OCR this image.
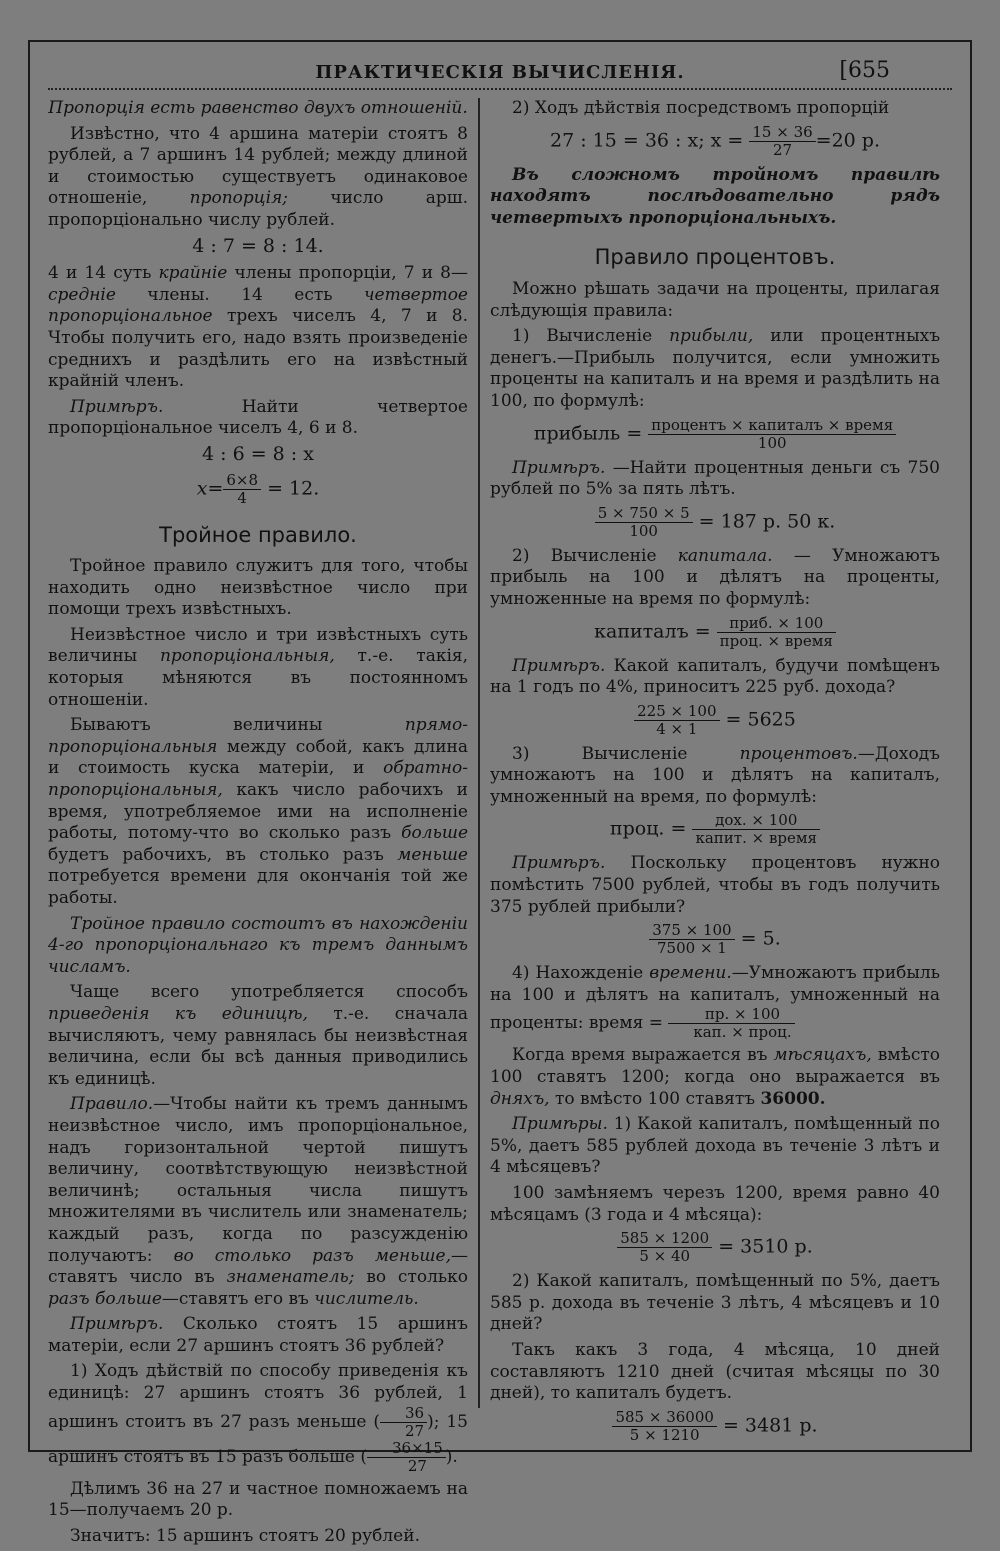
ПРАКТИЧЕСКІЯ ВЫЧИСЛЕНІЯ.	[655

Пропорція есть равенство двухъ отношеній.

Извѣстно, что 4 аршина матеріи стоятъ 8 рублей, а 7 аршинъ 14 рублей; между длиной и стоимостью существуетъ одинаковое отношеніе, пропорція; число арш. пропорціонально числу рублей.

4 : 7 = 8 : 14.

4 и 14 суть крайніе члены пропорціи, 7 и 8— средніе члены. 14 есть четвертое пропорціональное трехъ чиселъ 4, 7 и 8. Чтобы получить его, надо взять произведеніе среднихъ и раздѣлить его на извѣстный крайній членъ.

Примѣръ.	Найти четвертое пропорціональное чиселъ 4, 6 и 8.

4 : 6 = 8 : x

$x= \frac{6\times 8}{4} = 12$.

Тройное правило.

Тройное правило служитъ для того, чтобы находить одно неизвѣстное число при помощи трехъ извѣстныхъ.

Неизвѣстное число и три извѣстныхъ суть величины пропорціональныя, т.-е. такія, которыя мѣняются въ постоянномъ отношеніи.

Бываютъ величины	прямо-пропорціональныя между собой, какъ длина и стоимость куска матеріи, и обратно-пропорціональныя, какъ число рабочихъ и время, употребляемое ими на исполненіе работы, потому-что во сколько разъ больше будетъ рабочихъ, въ столько разъ меньше потребуется времени для окончанія той же работы.

Тройное правило состоитъ въ нахожденіи 4-го пропорціональнаго къ тремъ даннымъ числамъ.

Чаще всего употребляется способъ приведенія къ единицѣ, т.-е. сначала вычисляютъ, чему равнялась бы неизвѣстная величина, если бы всѣ данныя приводились къ единицѣ.

Правило.—Чтобы найти къ тремъ даннымъ неизвѣстное число, имъ пропорціональное, надъ горизонтальной чертой пишутъ величину, соотвѣтствующую неизвѣстной величинѣ; остальныя числа пишутъ множителями въ числитель или знаменатель; каждый разъ, когда по разсужденію получаютъ: во столько разъ меньше,—ставятъ число въ знаменатель; во столько разъ больше—ставятъ его въ числитель.

Примѣръ. Сколько стоятъ 15 аршинъ матеріи, если 27 аршинъ стоятъ 36 рублей?

1) Ходъ дѣйствій по способу приведенія къ единицѣ: 27 аршинъ стоятъ 36 рублей, 1 аршинъ стоитъ въ 27 разъ меньше ( $\frac{36}{27}$ ); 15 аршинъ стоятъ въ 15 разъ больше ( $\frac{36\times 15}{27}$ ).

Дѣлимъ 36 на 27 и частное помножаемъ на 15—получаемъ 20 р.

Значитъ: 15 аршинъ стоятъ 20 рублей.

2) Ходъ дѣйствія посредствомъ пропорцій

27 : 15 = 36 : x; $x = \frac{15 \times 36}{27} =20$ р.

Въ сложномъ тройномъ правилѣ находятъ послѣдовательно рядъ четвертыхъ пропорціональныхъ.

Правило процентовъ.

Можно рѣшать задачи на проценты, прилагая слѣдующія правила:

1) Вычисленіе прибыли, или процентныхъ денегъ.—Прибыль получится, если умножить проценты на капиталъ и на время и раздѣлить на 100, по формулѣ:

прибыль = $\frac{\text{процентъ × капиталъ × время}}{100}$

Примѣръ. —Найти процентныя деньги съ 750 рублей по 5% за пять лѣтъ.

$\frac{5 \times 750 \times 5}{100} = 187$ р. 50 к.

2) Вычисленіе капитала. — Умножаютъ прибыль на 100 и дѣлятъ на проценты, умноженные на время по формулѣ:

капиталъ = $\frac{\text{приб. × 100}}{\text{проц. × время}}$

Примѣръ. Какой капиталъ, будучи помѣщенъ на 1 годъ по 4%, приноситъ 225 руб. дохода?

$\frac{225 \times 100}{4 \times 1} = 5625$

3) Вычисленіе	процентовъ.—Доходъ умножаютъ на 100 и дѣлятъ на капиталъ, умноженный на время, по формулѣ:

проц. = $\frac{\text{дох. × 100}}{\text{капит. × время}}$

Примѣръ. Поскольку процентовъ нужно помѣстить 7500 рублей, чтобы въ годъ получить 375 рублей прибыли?

$\frac{375 \times 100}{7500 \times 1} = 5$.

4) Нахожденіе времени.—Умножаютъ прибыль на 100 и дѣлятъ на капиталъ, умноженный на проценты: время = $\frac{пр. \times 100}{\text{кап. × проц.}}$

Когда время выражается въ мѣсяцахъ, вмѣсто 100 ставятъ 1200; когда оно выражается въ дняхъ, то вмѣсто 100 ставятъ 36000.

Примѣры. 1) Какой капиталъ, помѣщенный по 5%, даетъ 585 рублей дохода въ теченіе 3 лѣтъ и 4 мѣсяцевъ?

100 замѣняемъ черезъ 1200, время равно 40 мѣсяцамъ (3 года и 4 мѣсяца):

$\frac{585 \times 1200}{5 \times 40} = 3510$ р.

2) Какой капиталъ, помѣщенный по 5%, даетъ 585 р. дохода въ теченіе 3 лѣтъ, 4 мѣсяцевъ и 10 дней?

Такъ какъ 3 года, 4 мѣсяца, 10 дней составляютъ 1210 дней (считая мѣсяцы по 30 дней), то капиталъ будетъ.

$\frac{585 \times 36000}{5 \times 1210} = 3481$ р.
